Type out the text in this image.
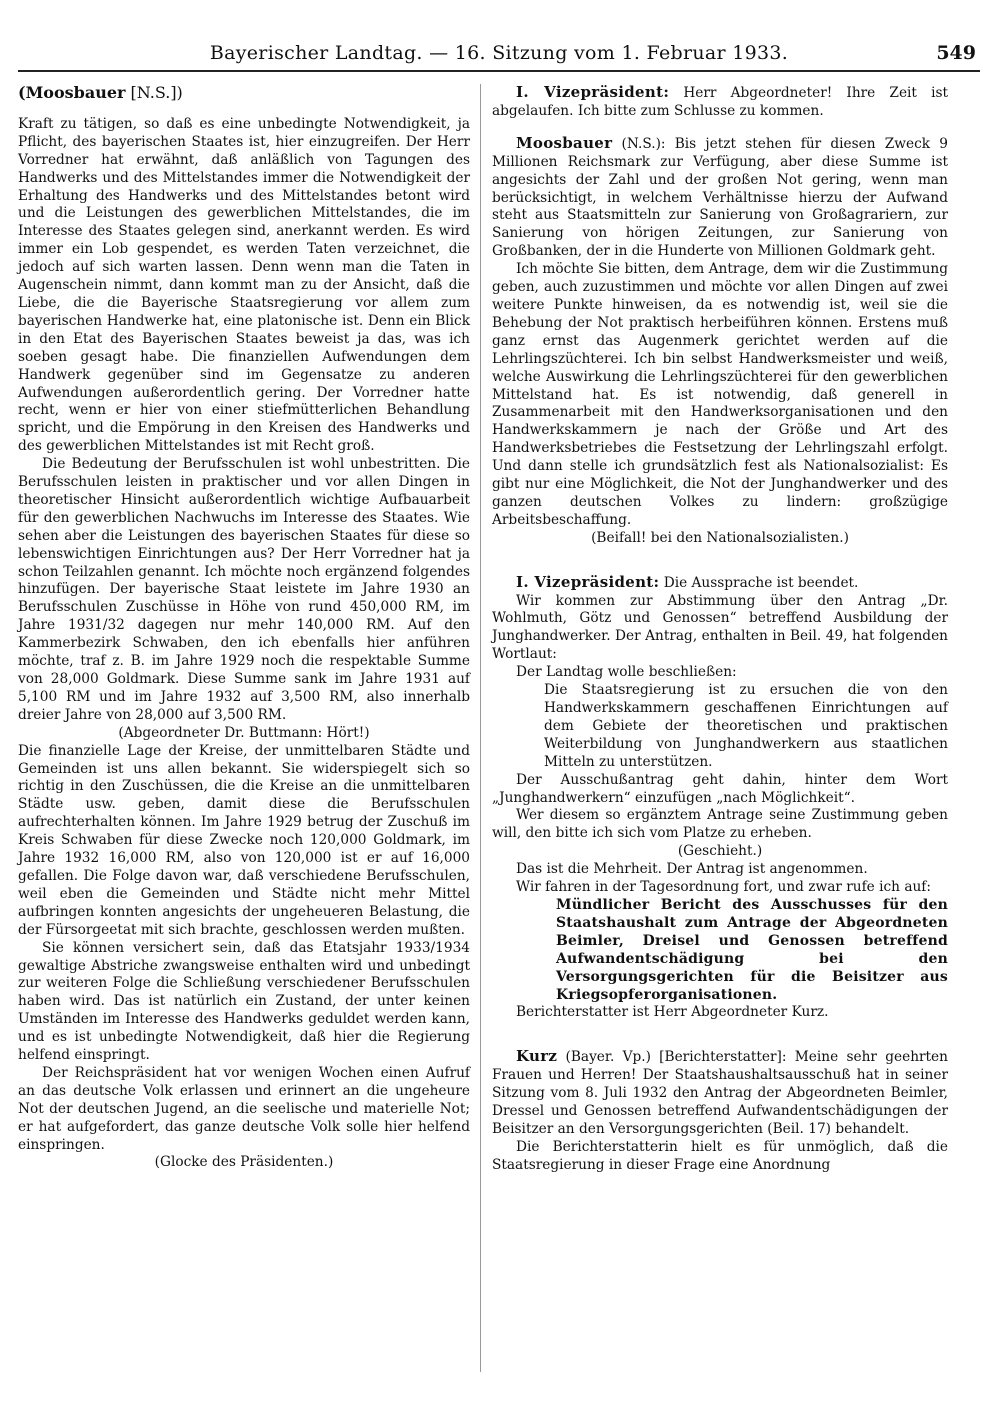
Bayerischer Landtag. — 16. Sitzung vom 1. Februar 1933.	549

(Moosbauer [N.S.])

Kraft zu tätigen, so daß es eine unbedingte Notwendigkeit, ja Pflicht, des bayerischen Staates ist, hier einzugreifen. Der Herr Vorredner hat erwähnt, daß anläßlich von Tagungen des Handwerks und des Mittelstandes immer die Notwendigkeit der Erhaltung des Handwerks und des Mittelstandes betont wird und die Leistungen des gewerblichen Mittelstandes, die im Interesse des Staates gelegen sind, anerkannt werden. Es wird immer ein Lob gespendet, es werden Taten verzeichnet, die jedoch auf sich warten lassen. Denn wenn man die Taten in Augenschein nimmt, dann kommt man zu der Ansicht, daß die Liebe, die die Bayerische Staatsregierung vor allem zum bayerischen Handwerke hat, eine platonische ist. Denn ein Blick in den Etat des Bayerischen Staates beweist ja das, was ich soeben gesagt habe. Die finanziellen Aufwendungen dem Handwerk gegenüber sind im Gegensatze zu anderen Aufwendungen außerordentlich gering. Der Vorredner hatte recht, wenn er hier von einer stiefmütterlichen Behandlung spricht, und die Empörung in den Kreisen des Handwerks und des gewerblichen Mittelstandes ist mit Recht groß.

Die Bedeutung der Berufsschulen ist wohl unbestritten. Die Berufsschulen leisten in praktischer und vor allen Dingen in theoretischer Hinsicht außerordentlich wichtige Aufbauarbeit für den gewerblichen Nachwuchs im Interesse des Staates. Wie sehen aber die Leistungen des bayerischen Staates für diese so lebenswichtigen Einrichtungen aus? Der Herr Vorredner hat ja schon Teilzahlen genannt. Ich möchte noch ergänzend folgendes hinzufügen. Der bayerische Staat leistete im Jahre 1930 an Berufsschulen Zuschüsse in Höhe von rund 450,000 RM, im Jahre 1931/32 dagegen nur mehr 140,000 RM. Auf den Kammerbezirk Schwaben, den ich ebenfalls hier anführen möchte, traf z. B. im Jahre 1929 noch die respektable Summe von 28,000 Goldmark. Diese Summe sank im Jahre 1931 auf 5,100 RM und im Jahre 1932 auf 3,500 RM, also innerhalb dreier Jahre von 28,000 auf 3,500 RM.

(Abgeordneter Dr. Buttmann: Hört!)

Die finanzielle Lage der Kreise, der unmittelbaren Städte und Gemeinden ist uns allen bekannt. Sie widerspiegelt sich so richtig in den Zuschüssen, die die Kreise an die unmittelbaren Städte usw. geben, damit diese die Berufsschulen aufrechterhalten können. Im Jahre 1929 betrug der Zuschuß im Kreis Schwaben für diese Zwecke noch 120,000 Goldmark, im Jahre 1932 16,000 RM, also von 120,000 ist er auf 16,000 gefallen. Die Folge davon war, daß verschiedene Berufsschulen, weil eben die Gemeinden und Städte nicht mehr Mittel aufbringen konnten angesichts der ungeheueren Belastung, die der Fürsorgeetat mit sich brachte, geschlossen werden mußten.

Sie können versichert sein, daß das Etatsjahr 1933/1934 gewaltige Abstriche zwangsweise enthalten wird und unbedingt zur weiteren Folge die Schließung verschiedener Berufsschulen haben wird. Das ist natürlich ein Zustand, der unter keinen Umständen im Interesse des Handwerks geduldet werden kann, und es ist unbedingte Notwendigkeit, daß hier die Regierung helfend einspringt.

Der Reichspräsident hat vor wenigen Wochen einen Aufruf an das deutsche Volk erlassen und erinnert an die ungeheure Not der deutschen Jugend, an die seelische und materielle Not; er hat aufgefordert, das ganze deutsche Volk solle hier helfend einspringen.

(Glocke des Präsidenten.)

I. Vizepräsident: Herr Abgeordneter! Ihre Zeit ist abgelaufen. Ich bitte zum Schlusse zu kommen.

Moosbauer (N.S.): Bis jetzt stehen für diesen Zweck 9 Millionen Reichsmark zur Verfügung, aber diese Summe ist angesichts der Zahl und der großen Not gering, wenn man berücksichtigt, in welchem Verhältnisse hierzu der Aufwand steht aus Staatsmitteln zur Sanierung von Großagrariern, zur Sanierung von hörigen Zeitungen, zur Sanierung von Großbanken, der in die Hunderte von Millionen Goldmark geht.

Ich möchte Sie bitten, dem Antrage, dem wir die Zustimmung geben, auch zuzustimmen und möchte vor allen Dingen auf zwei weitere Punkte hinweisen, da es notwendig ist, weil sie die Behebung der Not praktisch herbeiführen können. Erstens muß ganz ernst das Augenmerk gerichtet werden auf die Lehrlingszüchterei. Ich bin selbst Handwerksmeister und weiß, welche Auswirkung die Lehrlingszüchterei für den gewerblichen Mittelstand hat. Es ist notwendig, daß generell in Zusammenarbeit mit den Handwerksorganisationen und den Handwerkskammern je nach der Größe und Art des Handwerksbetriebes die Festsetzung der Lehrlingszahl erfolgt. Und dann stelle ich grundsätzlich fest als Nationalsozialist: Es gibt nur eine Möglichkeit, die Not der Junghandwerker und des ganzen deutschen Volkes zu lindern: großzügige Arbeitsbeschaffung.

(Beifall! bei den Nationalsozialisten.)

I. Vizepräsident: Die Aussprache ist beendet.

Wir kommen zur Abstimmung über den Antrag „Dr. Wohlmuth, Götz und Genossen“ betreffend Ausbildung der Junghandwerker. Der Antrag, enthalten in Beil. 49, hat folgenden Wortlaut:

Der Landtag wolle beschließen:

Die Staatsregierung ist zu ersuchen die von den Handwerkskammern geschaffenen Einrichtungen auf dem Gebiete der theoretischen und praktischen Weiterbildung von Junghandwerkern aus staatlichen Mitteln zu unterstützen.

Der Ausschußantrag geht dahin, hinter dem Wort „Junghandwerkern“ einzufügen „nach Möglichkeit“.

Wer diesem so ergänztem Antrage seine Zustimmung geben will, den bitte ich sich vom Platze zu erheben.

(Geschieht.)

Das ist die Mehrheit. Der Antrag ist angenommen.

Wir fahren in der Tagesordnung fort, und zwar rufe ich auf:

Mündlicher Bericht des Ausschusses für den Staatshaushalt zum Antrage der Abgeordneten Beimler, Dreisel und Genossen betreffend Aufwandentschädigung bei den Versorgungsgerichten für die Beisitzer aus Kriegsopferorganisationen.

Berichterstatter ist Herr Abgeordneter Kurz.

Kurz (Bayer. Vp.) [Berichterstatter]: Meine sehr geehrten Frauen und Herren! Der Staatshaushaltsausschuß hat in seiner Sitzung vom 8. Juli 1932 den Antrag der Abgeordneten Beimler, Dressel und Genossen betreffend Aufwandentschädigungen der Beisitzer an den Versorgungsgerichten (Beil. 17) behandelt.

Die Berichterstatterin hielt es für unmöglich, daß die Staatsregierung in dieser Frage eine Anordnung
